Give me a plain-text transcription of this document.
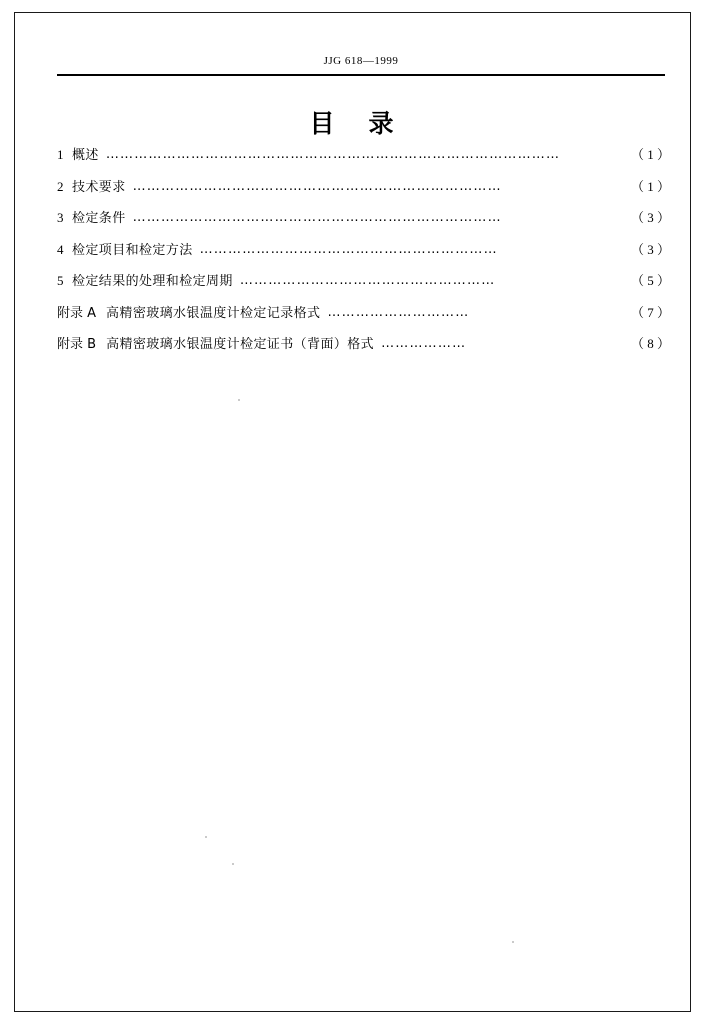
JJG 618—1999
目 录
1 概述 ……………………………………………………………………………………	（ 1 ）
2 技术要求 ……………………………………………………………………	（ 1 ）
3 检定条件 ……………………………………………………………………	（ 3 ）
4 检定项目和检定方法 ………………………………………………………	（ 3 ）
5 检定结果的处理和检定周期 ………………………………………………	（ 5 ）
附录 A 高精密玻璃水银温度计检定记录格式 …………………………	（ 7 ）
附录 B 高精密玻璃水银温度计检定证书（背面）格式 ………………	（ 8 ）
